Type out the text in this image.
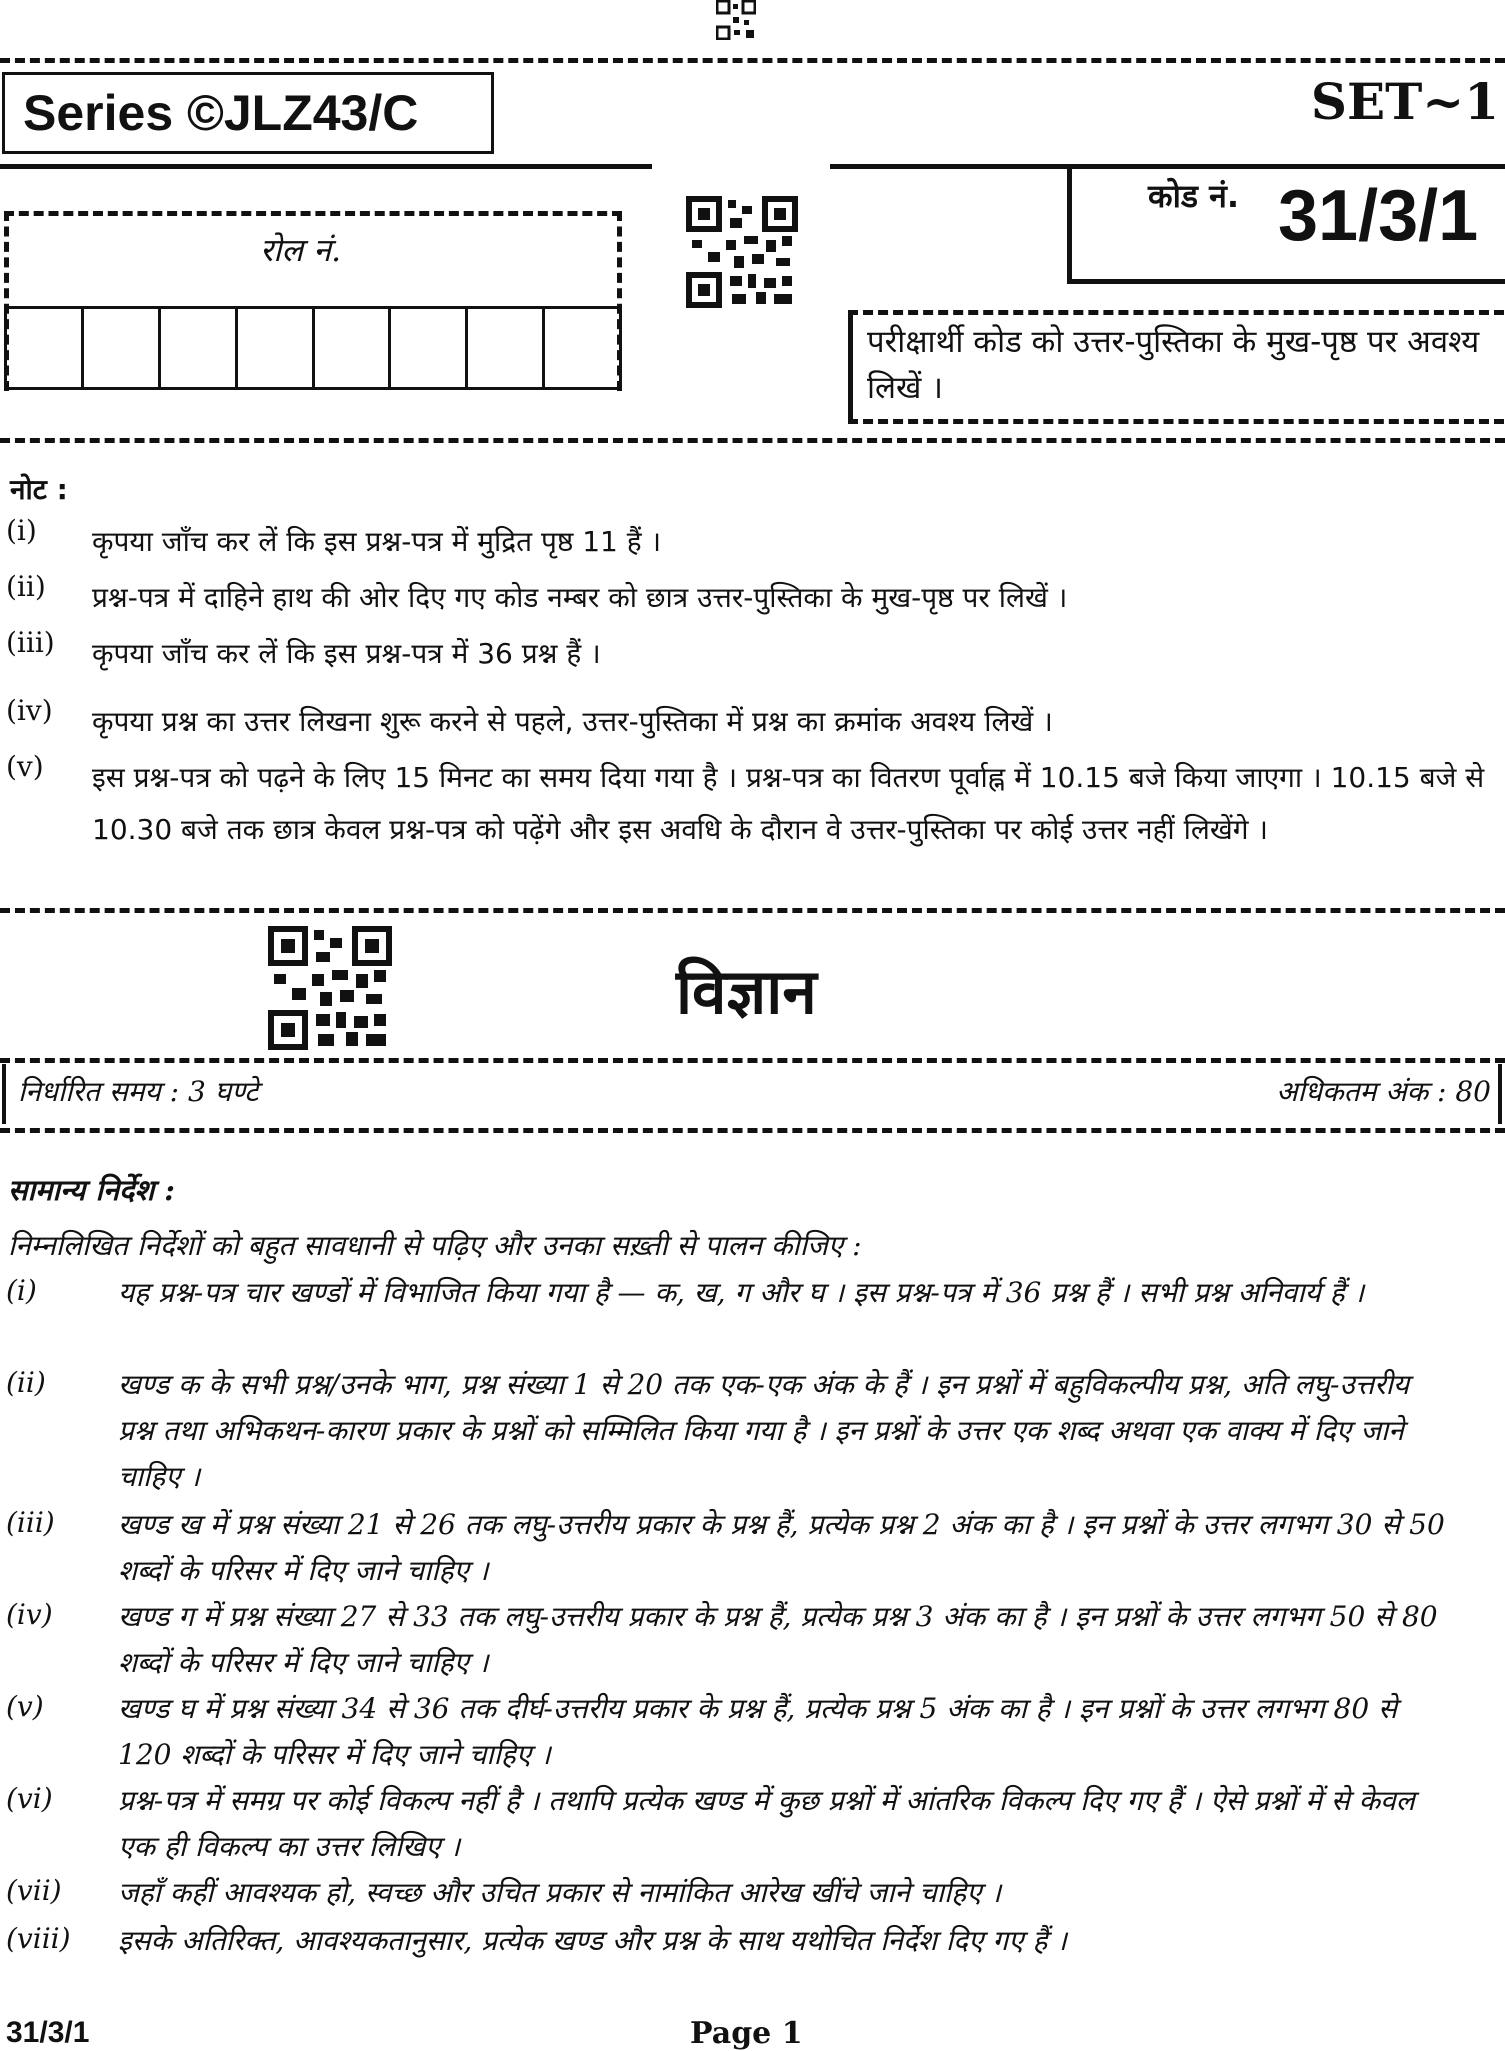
Series ©JLZ43/C	SET~1
कोड नं. 31/3/1
रोल नं.
परीक्षार्थी कोड को उत्तर-पुस्तिका के मुख-पृष्ठ पर अवश्य लिखें ।
नोट :
(i) कृपया जाँच कर लें कि इस प्रश्न-पत्र में मुद्रित पृष्ठ 11 हैं ।
(ii) प्रश्न-पत्र में दाहिने हाथ की ओर दिए गए कोड नम्बर को छात्र उत्तर-पुस्तिका के मुख-पृष्ठ पर लिखें ।
(iii) कृपया जाँच कर लें कि इस प्रश्न-पत्र में 36 प्रश्न हैं ।
(iv) कृपया प्रश्न का उत्तर लिखना शुरू करने से पहले, उत्तर-पुस्तिका में प्रश्न का क्रमांक अवश्य लिखें ।
(v) इस प्रश्न-पत्र को पढ़ने के लिए 15 मिनट का समय दिया गया है । प्रश्न-पत्र का वितरण पूर्वाह्न में 10.15 बजे किया जाएगा । 10.15 बजे से 10.30 बजे तक छात्र केवल प्रश्न-पत्र को पढ़ेंगे और इस अवधि के दौरान वे उत्तर-पुस्तिका पर कोई उत्तर नहीं लिखेंगे ।
विज्ञान
निर्धारित समय : 3 घण्टे	अधिकतम अंक : 80
सामान्य निर्देश :
निम्नलिखित निर्देशों को बहुत सावधानी से पढ़िए और उनका सख़्ती से पालन कीजिए :
(i)	यह प्रश्न-पत्र चार खण्डों में विभाजित किया गया है — क, ख, ग और घ । इस प्रश्न-पत्र में 36 प्रश्न हैं । सभी प्रश्न अनिवार्य हैं ।
(ii)	खण्ड क के सभी प्रश्न/उनके भाग, प्रश्न संख्या 1 से 20 तक एक-एक अंक के हैं । इन प्रश्नों में बहुविकल्पीय प्रश्न, अति लघु-उत्तरीय प्रश्न तथा अभिकथन-कारण प्रकार के प्रश्नों को सम्मिलित किया गया है । इन प्रश्नों के उत्तर एक शब्द अथवा एक वाक्य में दिए जाने चाहिए ।
(iii) खण्ड ख में प्रश्न संख्या 21 से 26 तक लघु-उत्तरीय प्रकार के प्रश्न हैं, प्रत्येक प्रश्न 2 अंक का है । इन प्रश्नों के उत्तर लगभग 30 से 50 शब्दों के परिसर में दिए जाने चाहिए ।
(iv) खण्ड ग में प्रश्न संख्या 27 से 33 तक लघु-उत्तरीय प्रकार के प्रश्न हैं, प्रत्येक प्रश्न 3 अंक का है । इन प्रश्नों के उत्तर लगभग 50 से 80 शब्दों के परिसर में दिए जाने चाहिए ।
(v)	खण्ड घ में प्रश्न संख्या 34 से 36 तक दीर्घ-उत्तरीय प्रकार के प्रश्न हैं, प्रत्येक प्रश्न 5 अंक का है । इन प्रश्नों के उत्तर लगभग 80 से 120 शब्दों के परिसर में दिए जाने चाहिए ।
(vi) प्रश्न-पत्र में समग्र पर कोई विकल्प नहीं है । तथापि प्रत्येक खण्ड में कुछ प्रश्नों में आंतरिक विकल्प दिए गए हैं । ऐसे प्रश्नों में से केवल एक ही विकल्प का उत्तर लिखिए ।
(vii) जहाँ कहीं आवश्यक हो, स्वच्छ और उचित प्रकार से नामांकित आरेख खींचे जाने चाहिए ।
(viii) इसके अतिरिक्त, आवश्यकतानुसार, प्रत्येक खण्ड और प्रश्न के साथ यथोचित निर्देश दिए गए हैं ।
31/3/1	Page 1
